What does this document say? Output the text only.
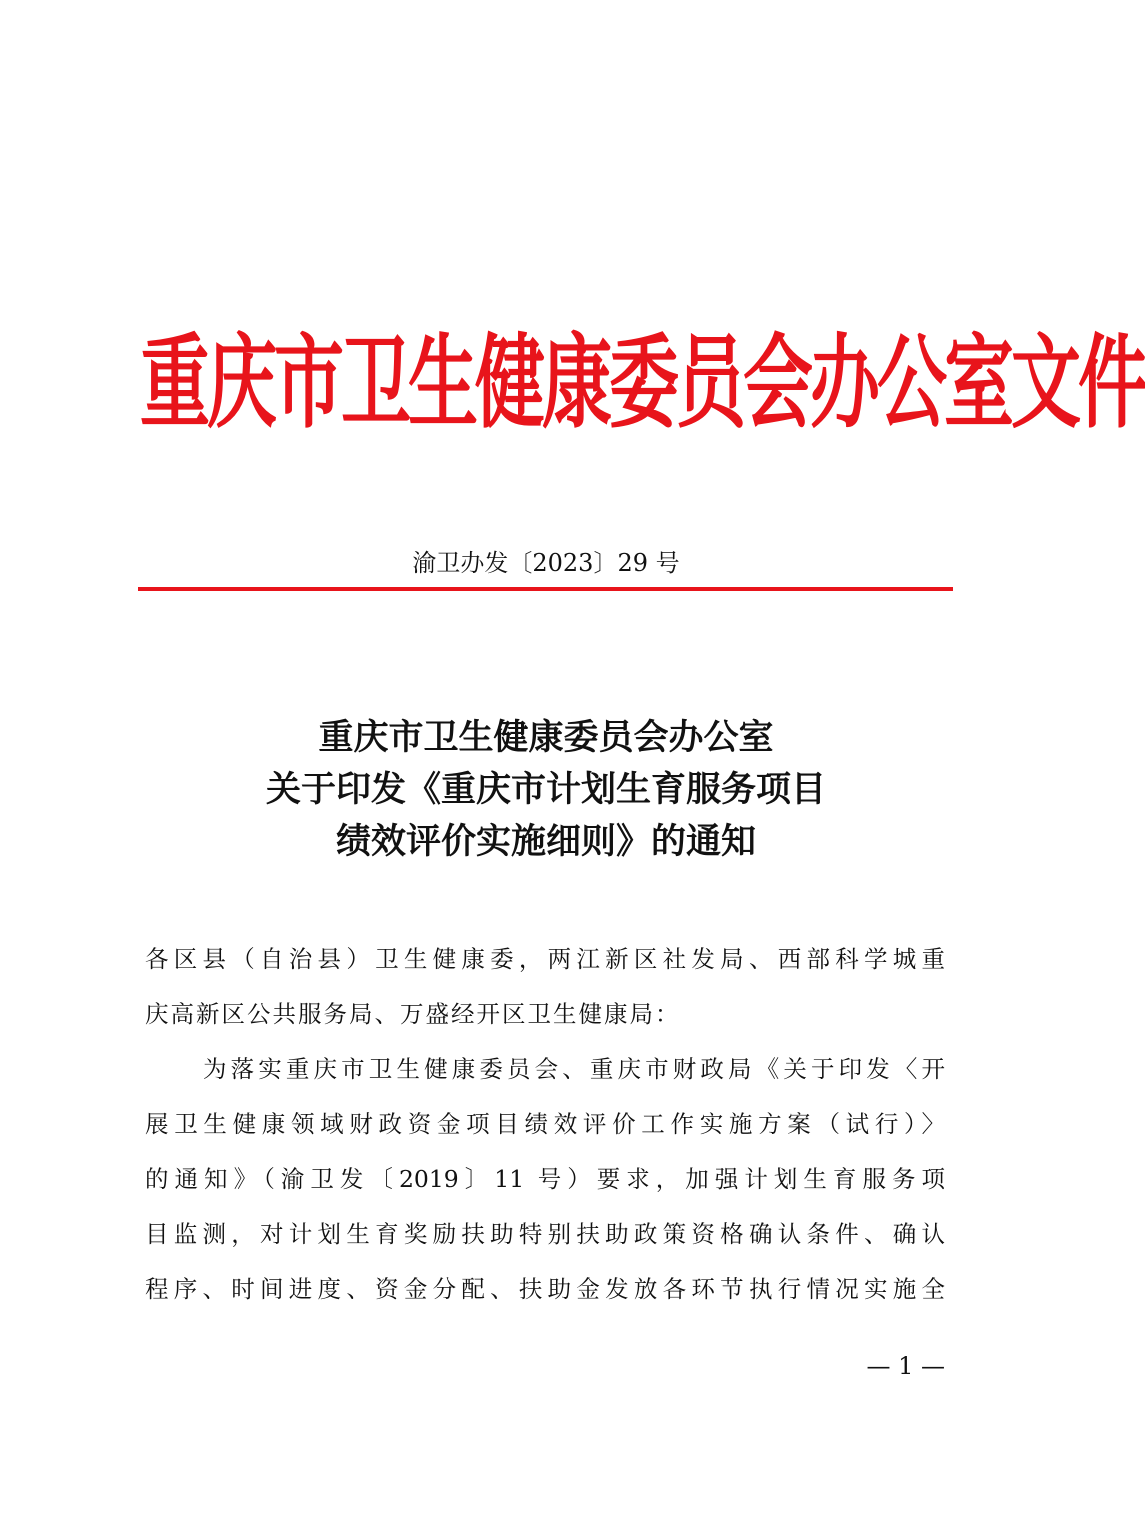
重庆市卫生健康委员会办公室文件
渝卫办发〔2023〕29 号
重庆市卫生健康委员会办公室
关于印发《重庆市计划生育服务项目
绩效评价实施细则》的通知
各区县（自治县）卫生健康委，两江新区社发局、西部科学城重
庆高新区公共服务局、万盛经开区卫生健康局：
为落实重庆市卫生健康委员会、重庆市财政局《关于印发〈开
展卫生健康领域财政资金项目绩效评价工作实施方案（试行）〉
的通知》（渝卫发〔2019〕11 号）要求，加强计划生育服务项
目监测，对计划生育奖励扶助特别扶助政策资格确认条件、确认
程序、时间进度、资金分配、扶助金发放各环节执行情况实施全
— 1 —
